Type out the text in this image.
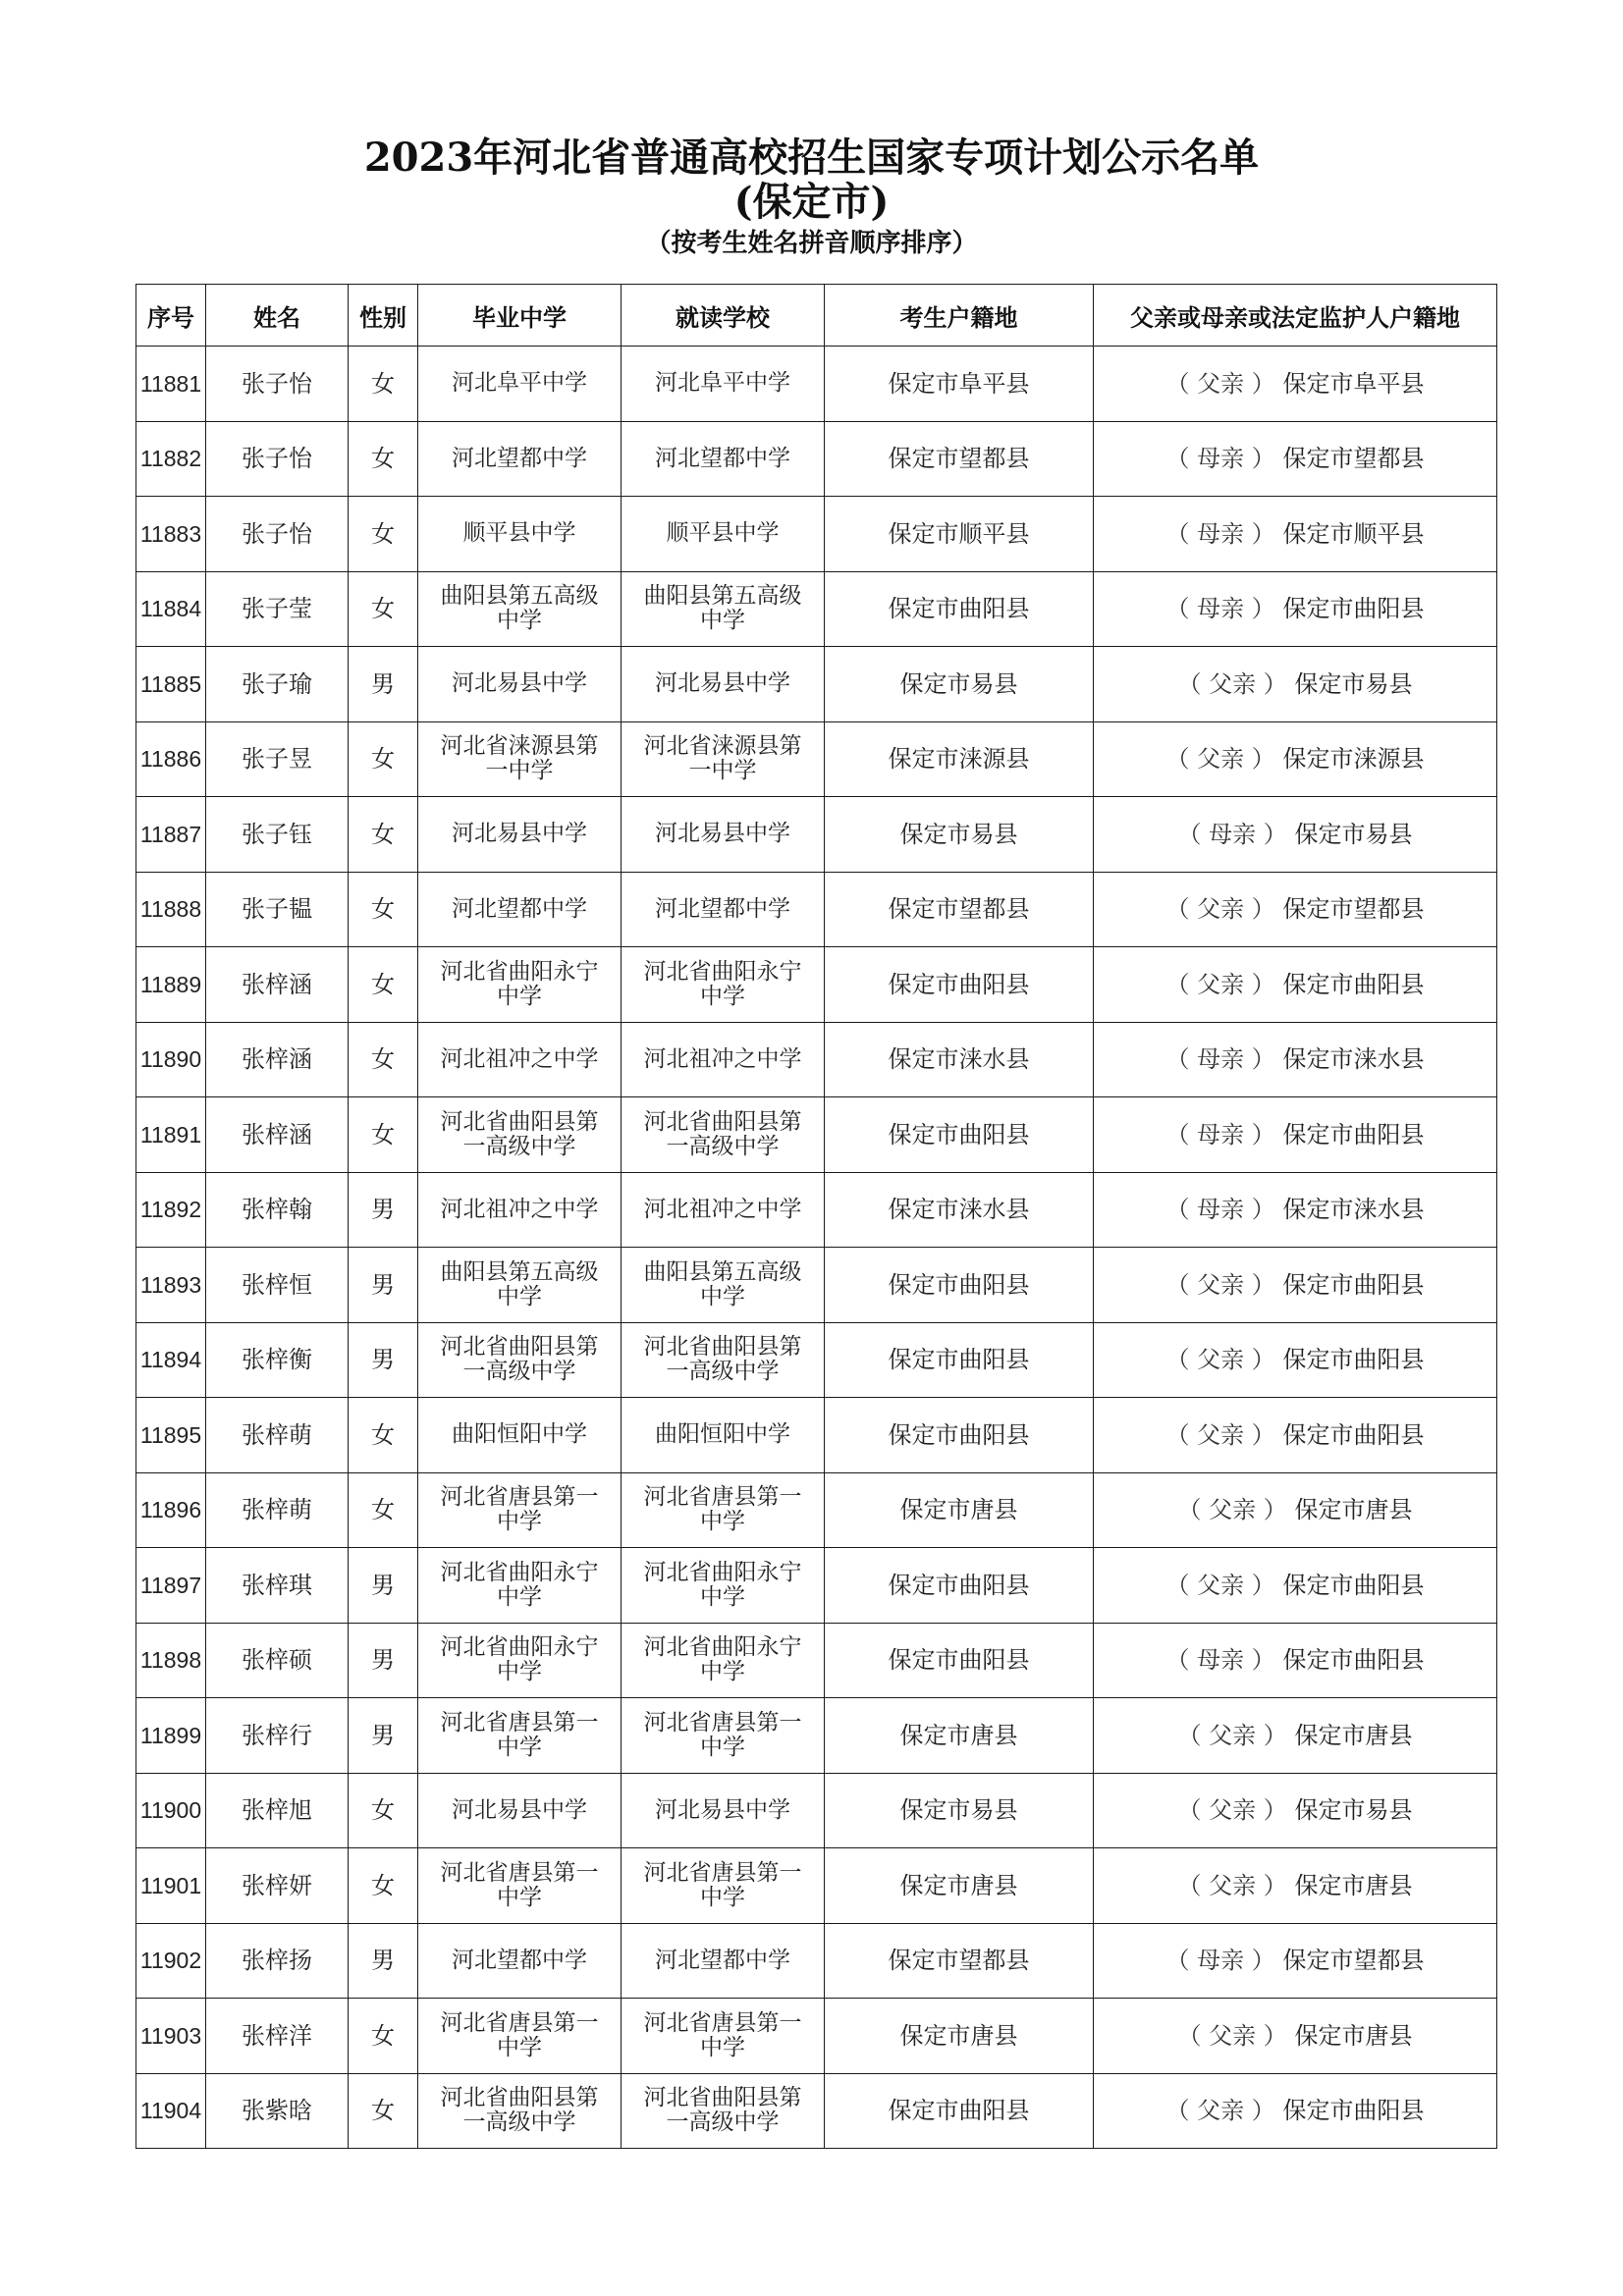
2023年河北省普通高校招生国家专项计划公示名单
(保定市)
（按考生姓名拼音顺序排序）
序号	姓名	性别	毕业中学	就读学校	考生户籍地	父亲或母亲或法定监护人户籍地
11881	张子怡	女	河北阜平中学	河北阜平中学	保定市阜平县	（ 父亲 ） 保定市阜平县
11882	张子怡	女	河北望都中学	河北望都中学	保定市望都县	（ 母亲 ） 保定市望都县
11883	张子怡	女	顺平县中学	顺平县中学	保定市顺平县	（ 母亲 ） 保定市顺平县
11884	张子莹	女	曲阳县第五高级中学	曲阳县第五高级中学	保定市曲阳县	（ 母亲 ） 保定市曲阳县
11885	张子瑜	男	河北易县中学	河北易县中学	保定市易县	（ 父亲 ） 保定市易县
11886	张子昱	女	河北省涞源县第一中学	河北省涞源县第一中学	保定市涞源县	（ 父亲 ） 保定市涞源县
11887	张子钰	女	河北易县中学	河北易县中学	保定市易县	（ 母亲 ） 保定市易县
11888	张子韫	女	河北望都中学	河北望都中学	保定市望都县	（ 父亲 ） 保定市望都县
11889	张梓涵	女	河北省曲阳永宁中学	河北省曲阳永宁中学	保定市曲阳县	（ 父亲 ） 保定市曲阳县
11890	张梓涵	女	河北祖冲之中学	河北祖冲之中学	保定市涞水县	（ 母亲 ） 保定市涞水县
11891	张梓涵	女	河北省曲阳县第一高级中学	河北省曲阳县第一高级中学	保定市曲阳县	（ 母亲 ） 保定市曲阳县
11892	张梓翰	男	河北祖冲之中学	河北祖冲之中学	保定市涞水县	（ 母亲 ） 保定市涞水县
11893	张梓恒	男	曲阳县第五高级中学	曲阳县第五高级中学	保定市曲阳县	（ 父亲 ） 保定市曲阳县
11894	张梓衡	男	河北省曲阳县第一高级中学	河北省曲阳县第一高级中学	保定市曲阳县	（ 父亲 ） 保定市曲阳县
11895	张梓萌	女	曲阳恒阳中学	曲阳恒阳中学	保定市曲阳县	（ 父亲 ） 保定市曲阳县
11896	张梓萌	女	河北省唐县第一中学	河北省唐县第一中学	保定市唐县	（ 父亲 ） 保定市唐县
11897	张梓琪	男	河北省曲阳永宁中学	河北省曲阳永宁中学	保定市曲阳县	（ 父亲 ） 保定市曲阳县
11898	张梓硕	男	河北省曲阳永宁中学	河北省曲阳永宁中学	保定市曲阳县	（ 母亲 ） 保定市曲阳县
11899	张梓行	男	河北省唐县第一中学	河北省唐县第一中学	保定市唐县	（ 父亲 ） 保定市唐县
11900	张梓旭	女	河北易县中学	河北易县中学	保定市易县	（ 父亲 ） 保定市易县
11901	张梓妍	女	河北省唐县第一中学	河北省唐县第一中学	保定市唐县	（ 父亲 ） 保定市唐县
11902	张梓扬	男	河北望都中学	河北望都中学	保定市望都县	（ 母亲 ） 保定市望都县
11903	张梓洋	女	河北省唐县第一中学	河北省唐县第一中学	保定市唐县	（ 父亲 ） 保定市唐县
11904	张紫晗	女	河北省曲阳县第一高级中学	河北省曲阳县第一高级中学	保定市曲阳县	（ 父亲 ） 保定市曲阳县
